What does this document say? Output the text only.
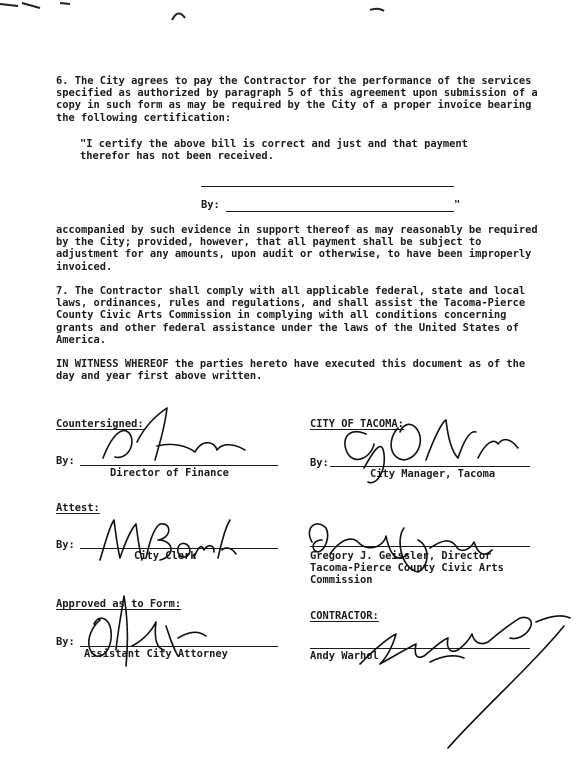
6. The City agrees to pay the Contractor for the performance of the services
specified as authorized by paragraph 5 of this agreement upon submission of a
copy in such form as may be required by the City of a proper invoice bearing
the following certification:
"I certify the above bill is correct and just and that payment
therefor has not been received.
By:	"
accompanied by such evidence in support thereof as may reasonably be required
by the City; provided, however, that all payment shall be subject to
adjustment for any amounts, upon audit or otherwise, to have been improperly
invoiced.
7. The Contractor shall comply with all applicable federal, state and local
laws, ordinances, rules and regulations, and shall assist the Tacoma-Pierce
County Civic Arts Commission in complying with all conditions concerning
grants and other federal assistance under the laws of the United States of
America.
IN WITNESS WHEREOF the parties hereto have executed this document as of the
day and year first above written.
Countersigned:
By:
Director of Finance
CITY OF TACOMA:
By:
City Manager, Tacoma
Attest:
By:
City Clerk	Gregory J. Geissler, Director
Tacoma-Pierce County Civic Arts
Commission
Approved as to Form:
By:
Assistant City Attorney
CONTRACTOR:
Andy Warhol
